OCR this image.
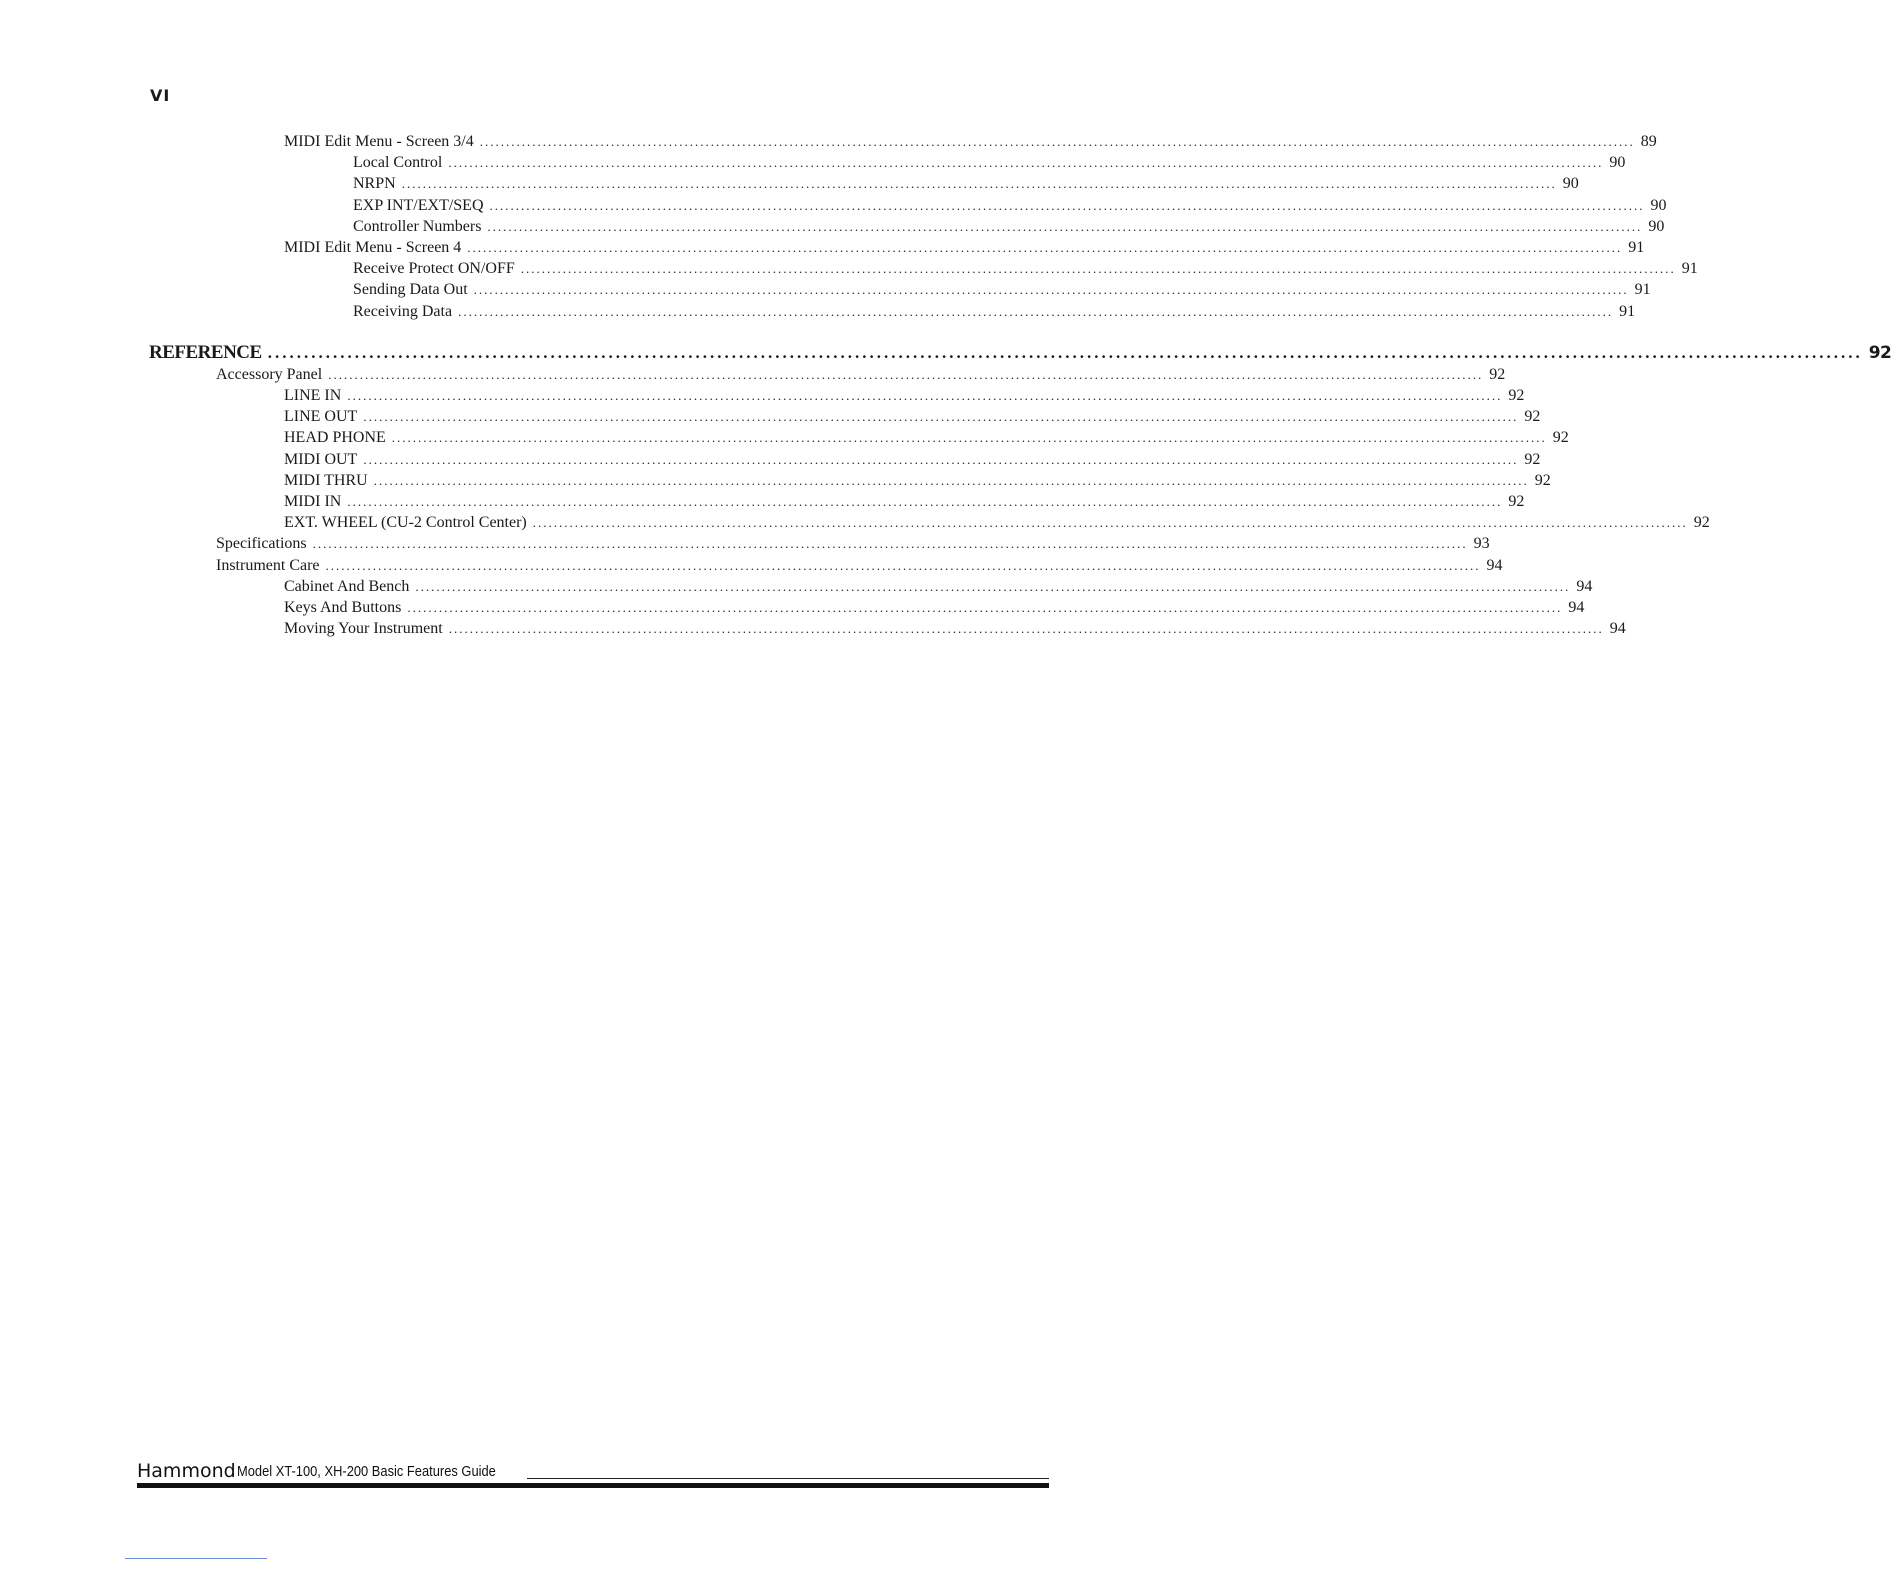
VI
MIDI Edit Menu - Screen 3/4 ............................................................................................................................................................................................................................ 89
Local Control ............................................................................................................................................................................................................................ 90
NRPN ............................................................................................................................................................................................................................ 90
EXP INT/EXT/SEQ ............................................................................................................................................................................................................................ 90
Controller Numbers ............................................................................................................................................................................................................................ 90
MIDI Edit Menu - Screen 4 ............................................................................................................................................................................................................................ 91
Receive Protect ON/OFF ............................................................................................................................................................................................................................ 91
Sending Data Out ............................................................................................................................................................................................................................ 91
Receiving Data ............................................................................................................................................................................................................................ 91
REFERENCE ............................................................................................................................................................................................................................ 92
Accessory Panel ............................................................................................................................................................................................................................ 92
LINE IN ............................................................................................................................................................................................................................ 92
LINE OUT ............................................................................................................................................................................................................................ 92
HEAD PHONE ............................................................................................................................................................................................................................ 92
MIDI OUT ............................................................................................................................................................................................................................ 92
MIDI THRU ............................................................................................................................................................................................................................ 92
MIDI IN ............................................................................................................................................................................................................................ 92
EXT. WHEEL (CU-2 Control Center) ............................................................................................................................................................................................................................ 92
Specifications ............................................................................................................................................................................................................................ 93
Instrument Care ............................................................................................................................................................................................................................ 94
Cabinet And Bench ............................................................................................................................................................................................................................ 94
Keys And Buttons ............................................................................................................................................................................................................................ 94
Moving Your Instrument ............................................................................................................................................................................................................................ 94
Hammond Model XT-100, XH-200 Basic Features Guide
